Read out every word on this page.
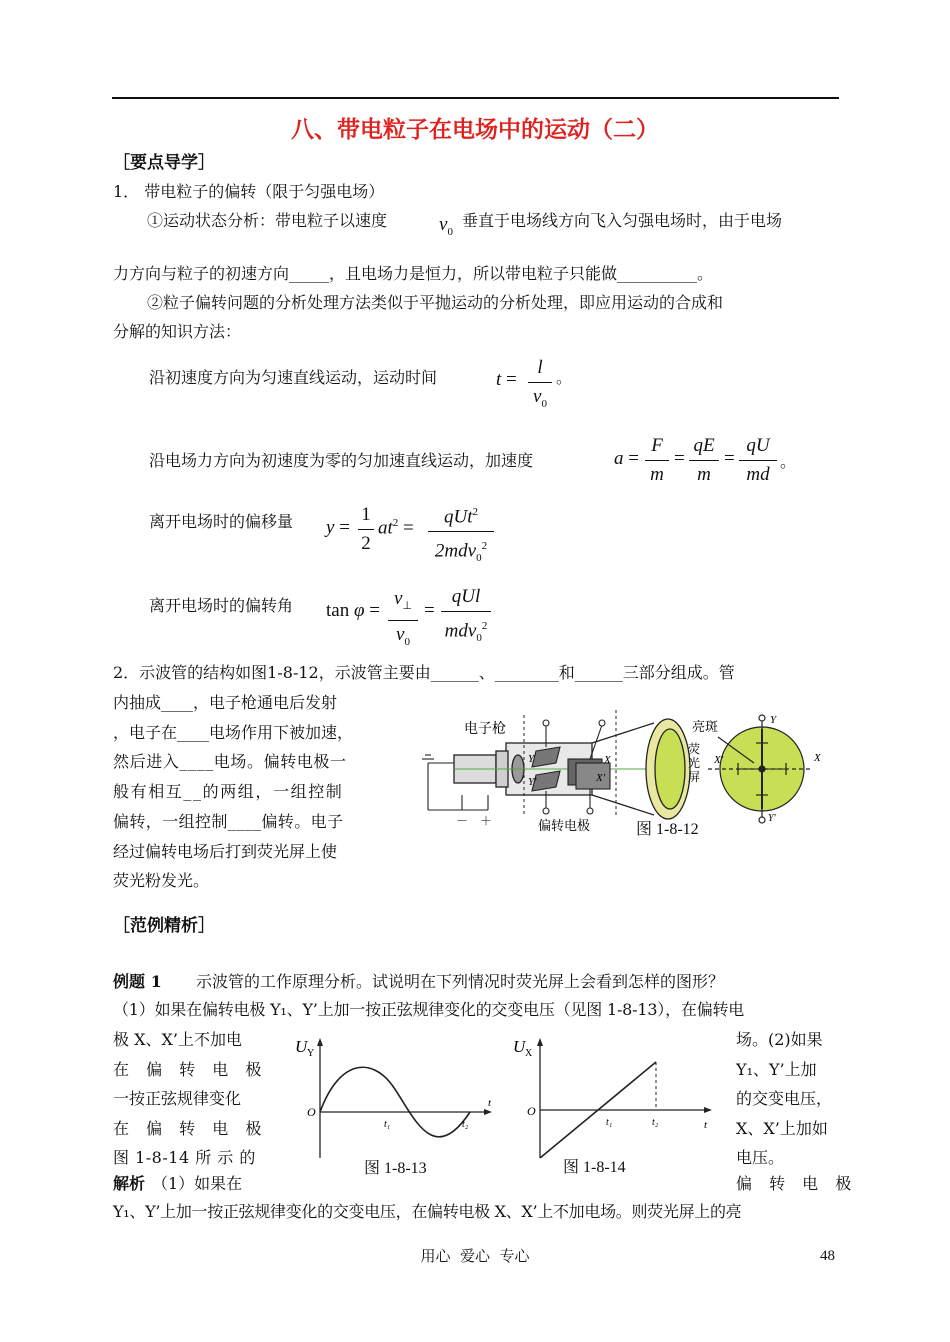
八、带电粒子在电场中的运动（二）
［要点导学］
1． 带电粒子的偏转（限于匀强电场）
①运动状态分析：带电粒子以速度	$v_0$
垂直于电场线方向飞入匀强电场时，由于电场
力方向与粒子的初速方向_____，且电场力是恒力，所以带电粒子只能做__________。
②粒子偏转问题的分析处理方法类似于平抛运动的分析处理，即应用运动的合成和
分解的知识方法：
沿初速度方向为匀速直线运动，运动时间	t =
l
$v_0$
。
沿电场力方向为初速度为零的匀加速直线运动，加速度	a =
F
m
=
qE
m
=
qU
md
。
离开电场时的偏移量 y =
1
2
$at^2$ =
qUt$^2$
2mdv$_0^2$
离开电场时的偏转角 tan φ =
$v_\perp$
$v_0$
=
qUl
mdv$_0^2$
2．示波管的结构如图1-8-12，示波管主要由______、________和______三部分组成。管
内抽成____，电子枪通电后发射
，电子在____电场作用下被加速，
然后进入____电场。偏转电极一
般有相互__的两组，一组控制
偏转，一组控制____偏转。电子
经过偏转电场后打到荧光屏上使
荧光粉发光。
电子枪	亮斑
荧
光
屏
偏转电极
－ ＋
Y
Y'
X
X'
Y
Y'
X
X'
图 1-8-12
［范例精析］
例题 1 示波管的工作原理分析。试说明在下列情况时荧光屏上会看到怎样的图形？
（1）如果在偏转电极 Y₁、Y’上加一按正弦规律变化的交变电压（见图 1-8-13），在偏转电
极 X、X’上不加电
在 偏 转 电 极
一按正弦规律变化
在 偏 转 电 极
图 1-8-14 所 示 的
场。(2)如果
Y₁、Y’上加
的交变电压，
X、X’上加如
电压。
U Y
O
t₁	t₂
t
图 1-8-13
U X
O
t₁	t₂	t
图 1-8-14
解析 （1）如果在	偏 转 电 极
Y₁、Y’上加一按正弦规律变化的交变电压，在偏转电极 X、X’上不加电场。则荧光屏上的亮
用心  爱心  专心	48
